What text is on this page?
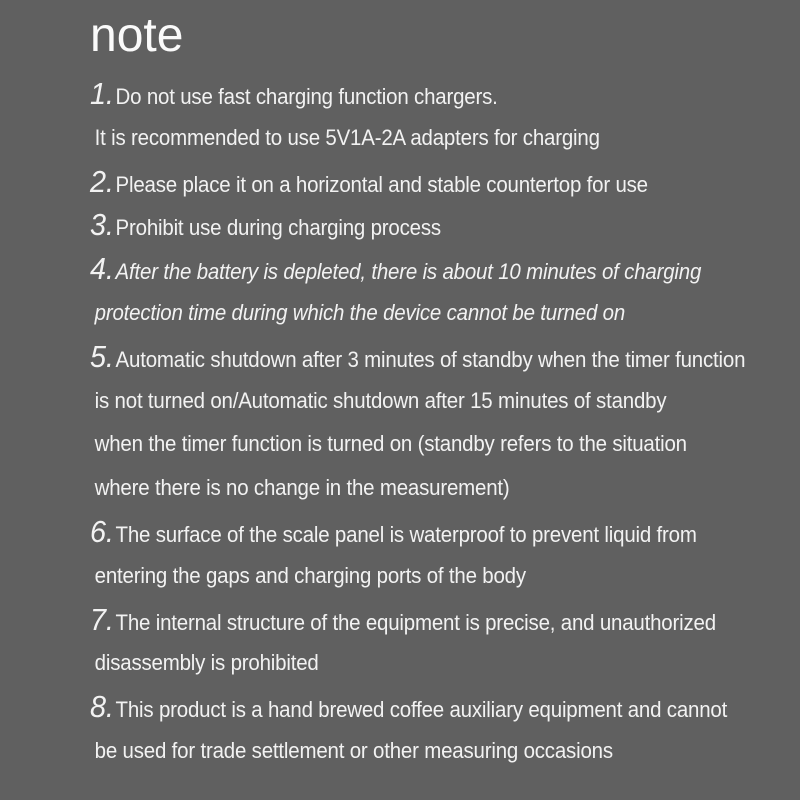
note
1.Do not use fast charging function chargers.
It is recommended to use 5V1A-2A adapters for charging
2.Please place it on a horizontal and stable countertop for use
3.Prohibit use during charging process
4.After the battery is depleted, there is about 10 minutes of charging
protection time during which the device cannot be turned on
5.Automatic shutdown after 3 minutes of standby when the timer function
is not turned on/Automatic shutdown after 15 minutes of standby
when the timer function is turned on (standby refers to the situation
where there is no change in the measurement)
6.The surface of the scale panel is waterproof to prevent liquid from
entering the gaps and charging ports of the body
7.The internal structure of the equipment is precise, and unauthorized
disassembly is prohibited
8.This product is a hand brewed coffee auxiliary equipment and cannot
be used for trade settlement or other measuring occasions
